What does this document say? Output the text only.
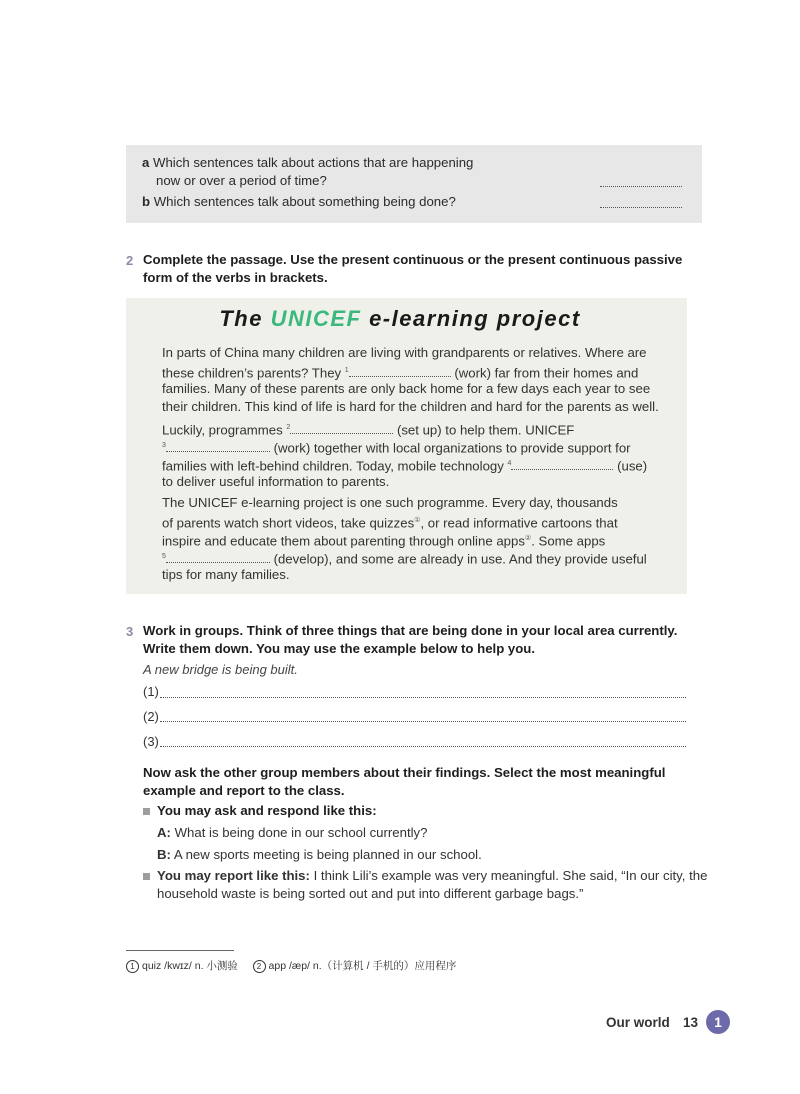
a Which sentences talk about actions that are happening
now or over a period of time?
b Which sentences talk about something being done?
2 Complete the passage. Use the present continuous or the present continuous passive
form of the verbs in brackets.
The UNICEF e-learning project
In parts of China many children are living with grandparents or relatives. Where are
these children’s parents? They $^1$	(work) far from their homes and
families. Many of these parents are only back home for a few days each year to see
their children. This kind of life is hard for the children and hard for the parents as well.
Luckily, programmes $^2$	(set up) to help them. UNICEF
$^3$	(work) together with local organizations to provide support for
families with left-behind children. Today, mobile technology $^4$	(use)
to deliver useful information to parents.
The UNICEF e-learning project is one such programme. Every day, thousands
of parents watch short videos, take quizzes①, or read informative cartoons that
inspire and educate them about parenting through online apps②. Some apps
$^5$	(develop), and some are already in use. And they provide useful
tips for many families.
3 Work in groups. Think of three things that are being done in your local area currently.
Write them down. You may use the example below to help you.
A new bridge is being built.
(1)
(2)
(3)
Now ask the other group members about their findings. Select the most meaningful
example and report to the class.
You may ask and respond like this:
A: What is being done in our school currently?
B: A new sports meeting is being planned in our school.
You may report like this: I think Lili’s example was very meaningful. She said, “In our city, the
household waste is being sorted out and put into different garbage bags.”
1 quiz /kwɪz/ n. 小测验 2 app /æp/ n.（计算机 / 手机的）应用程序
Our world 13	1
